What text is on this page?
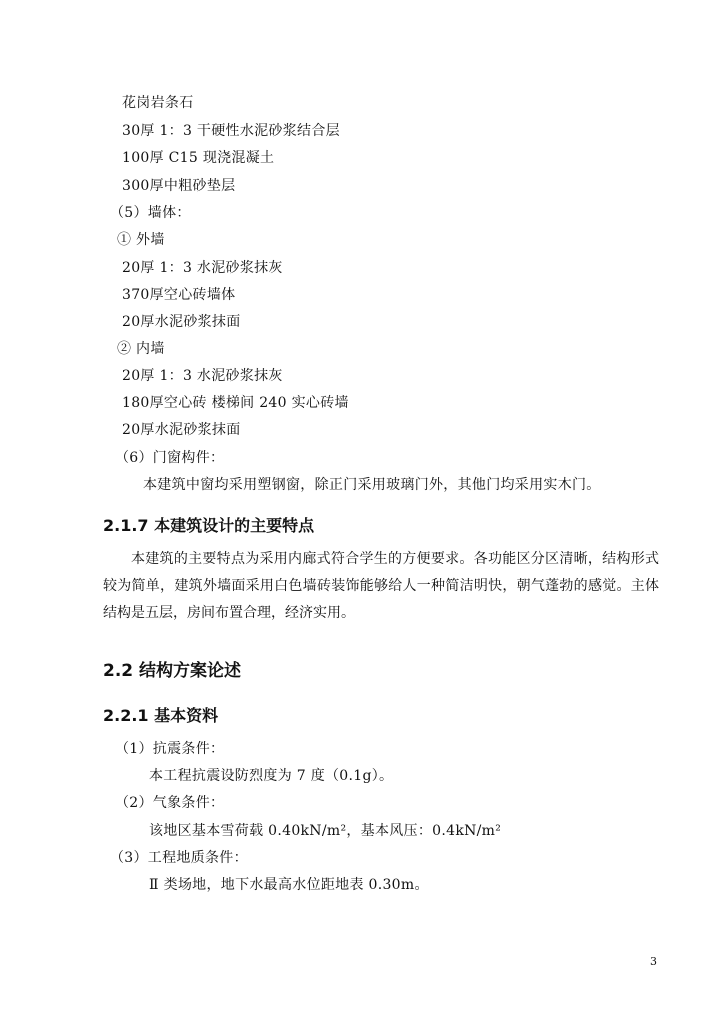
花岗岩条石
30厚 1：3 干硬性水泥砂浆结合层
100厚 C15 现浇混凝土
300厚中粗砂垫层
（5）墙体：
① 外墙
20厚 1：3 水泥砂浆抹灰
370厚空心砖墙体
20厚水泥砂浆抹面
② 内墙
20厚 1：3 水泥砂浆抹灰
180厚空心砖 楼梯间 240 实心砖墙
20厚水泥砂浆抹面
（6）门窗构件：
本建筑中窗均采用塑钢窗，除正门采用玻璃门外，其他门均采用实木门。
2.1.7 本建筑设计的主要特点
本建筑的主要特点为采用内廊式符合学生的方便要求。各功能区分区清晰，结构形式较为简单，建筑外墙面采用白色墙砖装饰能够给人一种简洁明快，朝气蓬勃的感觉。主体结构是五层，房间布置合理，经济实用。
2.2 结构方案论述
2.2.1 基本资料
（1）抗震条件：
本工程抗震设防烈度为 7 度（0.1g）。
（2）气象条件：
该地区基本雪荷载 0.40kN/m²，基本风压：0.4kN/m²
（3）工程地质条件：
Ⅱ 类场地，地下水最高水位距地表 0.30m。
3
